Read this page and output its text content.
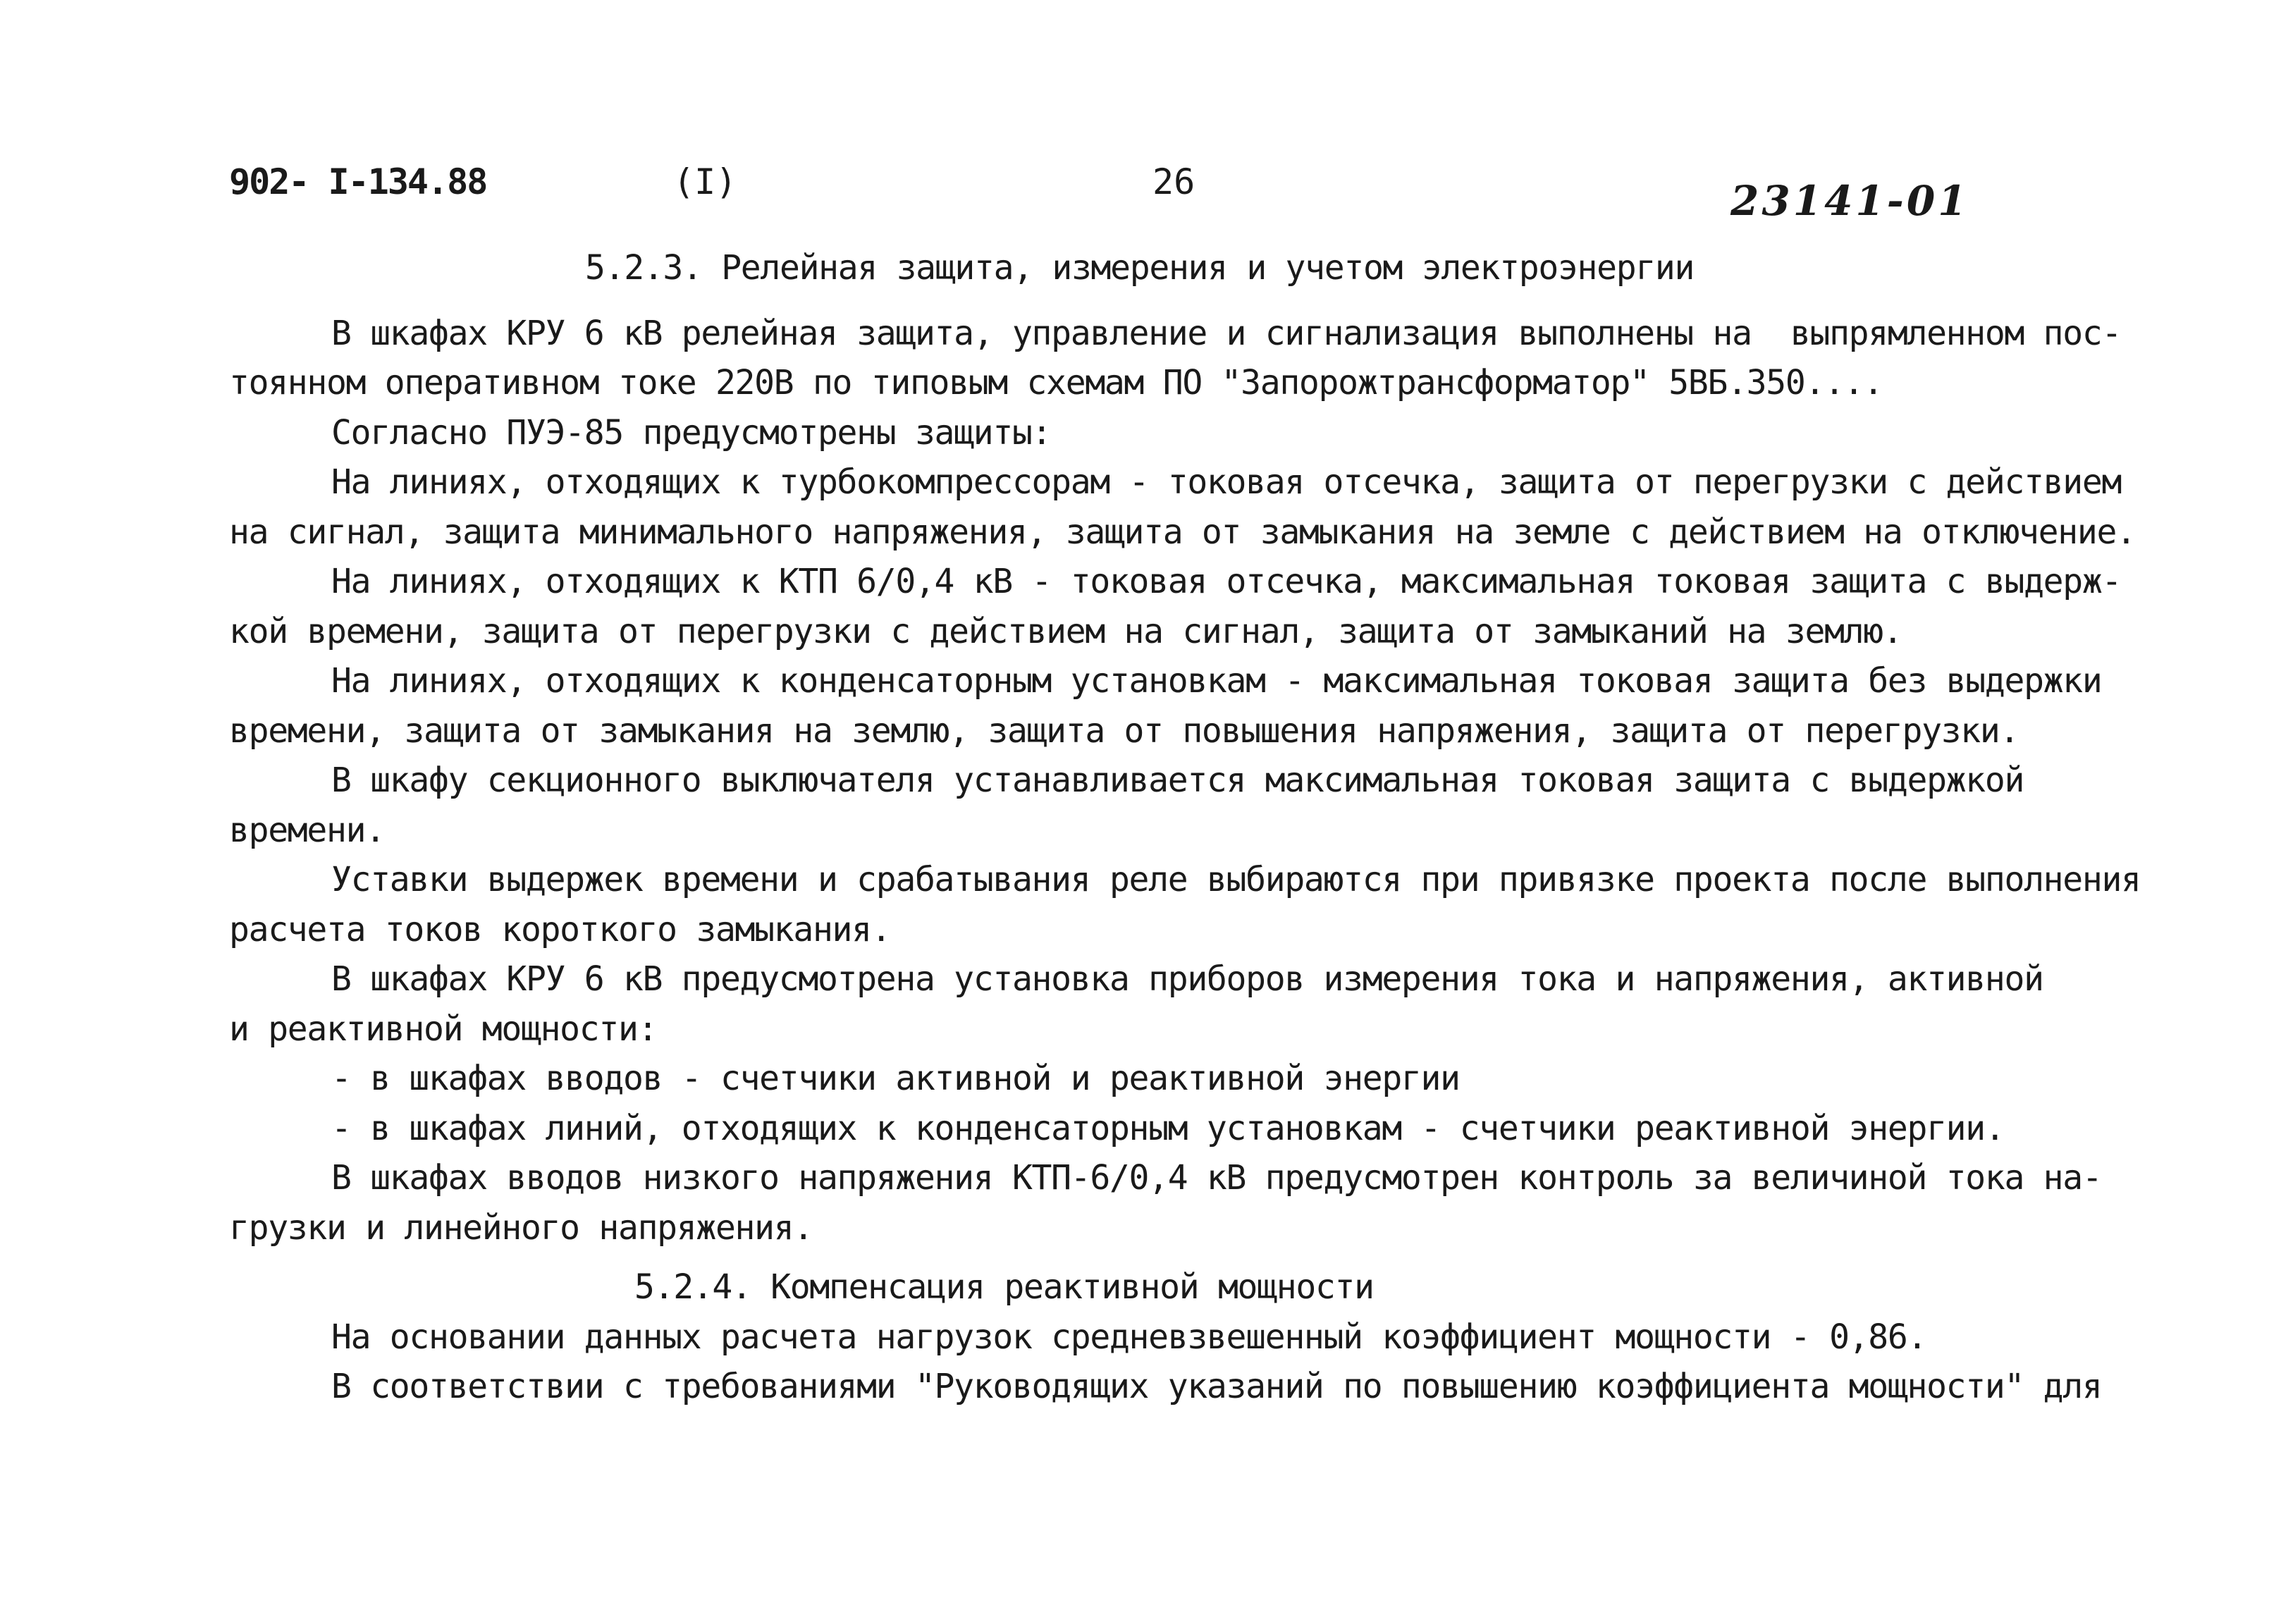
902- I-134.88	(I)	26	23141-01
5.2.3. Релейная защита, измерения и учетом электроэнергии
В шкафах КРУ 6 кВ релейная защита, управление и сигнализация выполнены на  выпрямленном пос-
тоянном оперативном токе 220В по типовым схемам ПО "Запорожтрансформатор" 5ВБ.350....
Согласно ПУЭ-85 предусмотрены защиты:
На линиях, отходящих к турбокомпрессорам - токовая отсечка, защита от перегрузки с действием
на сигнал, защита минимального напряжения, защита от замыкания на земле с действием на отключение.
На линиях, отходящих к КТП 6/0,4 кВ - токовая отсечка, максимальная токовая защита с выдерж-
кой времени, защита от перегрузки с действием на сигнал, защита от замыканий на землю.
На линиях, отходящих к конденсаторным установкам - максимальная токовая защита без выдержки
времени, защита от замыкания на землю, защита от повышения напряжения, защита от перегрузки.
В шкафу секционного выключателя устанавливается максимальная токовая защита с выдержкой
времени.
Уставки выдержек времени и срабатывания реле выбираются при привязке проекта после выполнения
расчета токов короткого замыкания.
В шкафах КРУ 6 кВ предусмотрена установка приборов измерения тока и напряжения, активной
и реактивной мощности:
- в шкафах вводов - счетчики активной и реактивной энергии
- в шкафах линий, отходящих к конденсаторным установкам - счетчики реактивной энергии.
В шкафах вводов низкого напряжения КТП-6/0,4 кВ предусмотрен контроль за величиной тока на-
грузки и линейного напряжения.
5.2.4. Компенсация реактивной мощности
На основании данных расчета нагрузок средневзвешенный коэффициент мощности - 0,86.
В соответствии с требованиями "Руководящих указаний по повышению коэффициента мощности" для
